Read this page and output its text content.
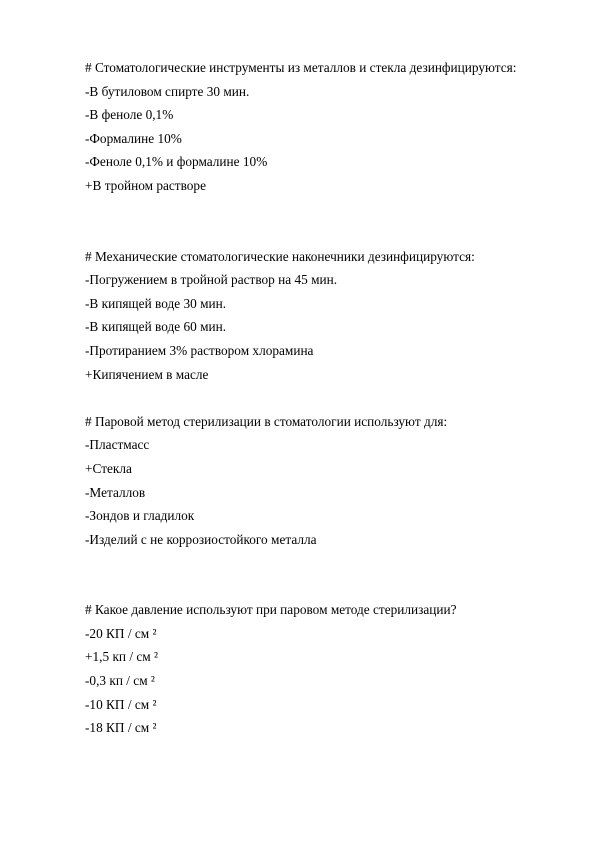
# Стоматологические инструменты из металлов и стекла дезинфицируются:
-В бутиловом спирте 30 мин.
-В феноле 0,1%
-Формалине 10%
-Феноле 0,1% и формалине 10%
+В тройном растворе
# Механические стоматологические наконечники дезинфицируются:
-Погружением в тройной раствор на 45 мин.
-В кипящей воде 30 мин.
-В кипящей воде 60 мин.
-Протиранием 3% раствором хлорамина
+Кипячением в масле
# Паровой метод стерилизации в стоматологии используют для:
-Пластмасс
+Стекла
-Металлов
-Зондов и гладилок
-Изделий с не коррозиостойкого металла
# Какое давление используют при паровом методе стерилизации?
-20 КП / см ²
+1,5 кп / см ²
-0,3 кп / см ²
-10 КП / см ²
-18 КП / см ²
